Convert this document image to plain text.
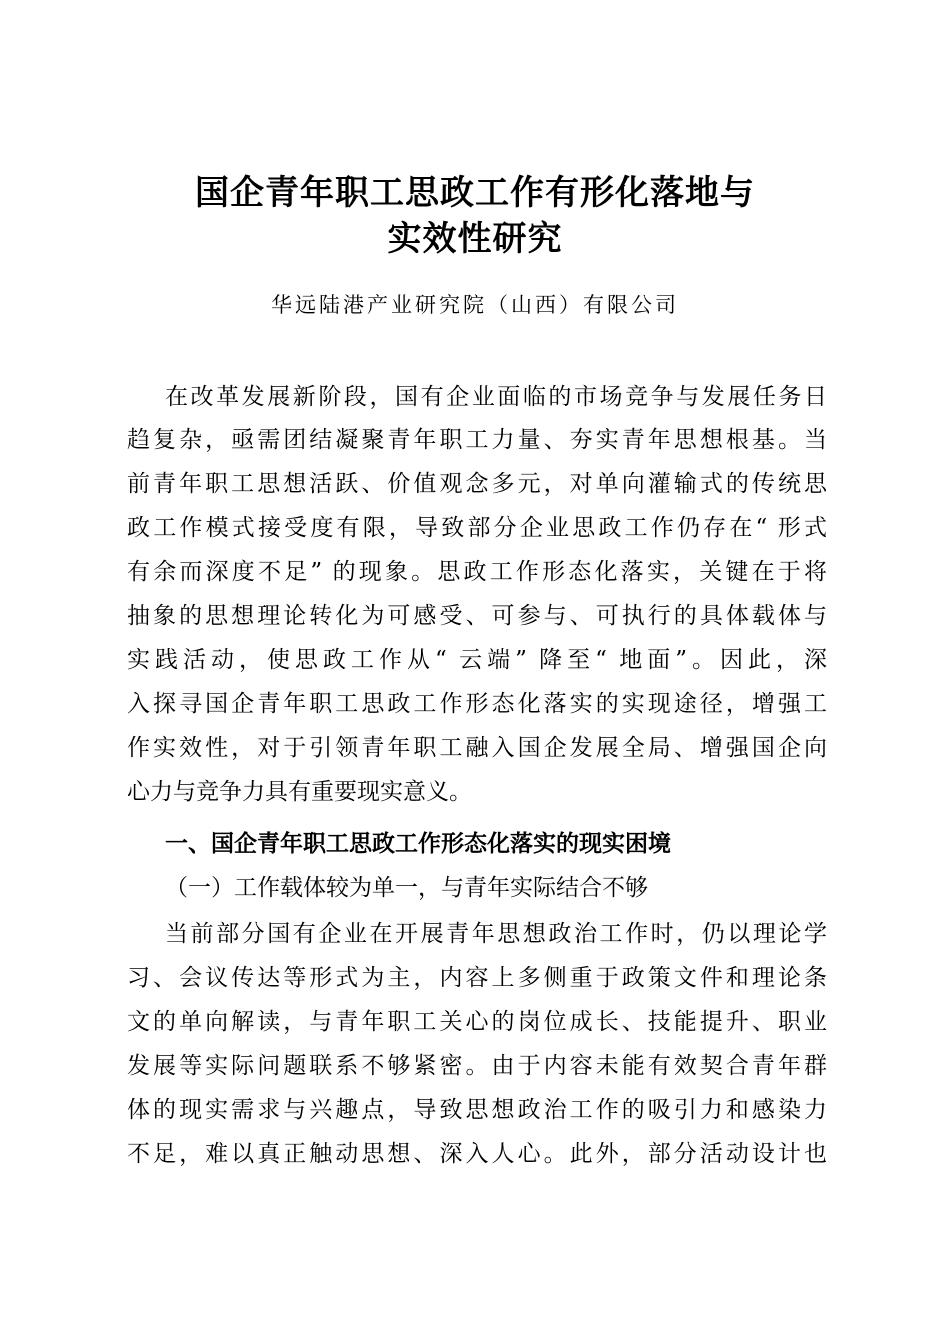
国企青年职工思政工作有形化落地与
实效性研究
华远陆港产业研究院（山西）有限公司
在改革发展新阶段，国有企业面临的市场竞争与发展任务日
趋复杂，亟需团结凝聚青年职工力量、夯实青年思想根基。当
前青年职工思想活跃、价值观念多元，对单向灌输式的传统思
政工作模式接受度有限，导致部分企业思政工作仍存在“ 形式
有余而深度不足” 的现象。思政工作形态化落实，关键在于将
抽象的思想理论转化为可感受、可参与、可执行的具体载体与
实践活动，使思政工作从“ 云端” 降至“ 地面”。因此，深
入探寻国企青年职工思政工作形态化落实的实现途径，增强工
作实效性，对于引领青年职工融入国企发展全局、增强国企向
心力与竞争力具有重要现实意义。
一、国企青年职工思政工作形态化落实的现实困境
（一）工作载体较为单一，与青年实际结合不够
当前部分国有企业在开展青年思想政治工作时，仍以理论学
习、会议传达等形式为主，内容上多侧重于政策文件和理论条
文的单向解读，与青年职工关心的岗位成长、技能提升、职业
发展等实际问题联系不够紧密。由于内容未能有效契合青年群
体的现实需求与兴趣点，导致思想政治工作的吸引力和感染力
不足，难以真正触动思想、深入人心。此外，部分活动设计也
